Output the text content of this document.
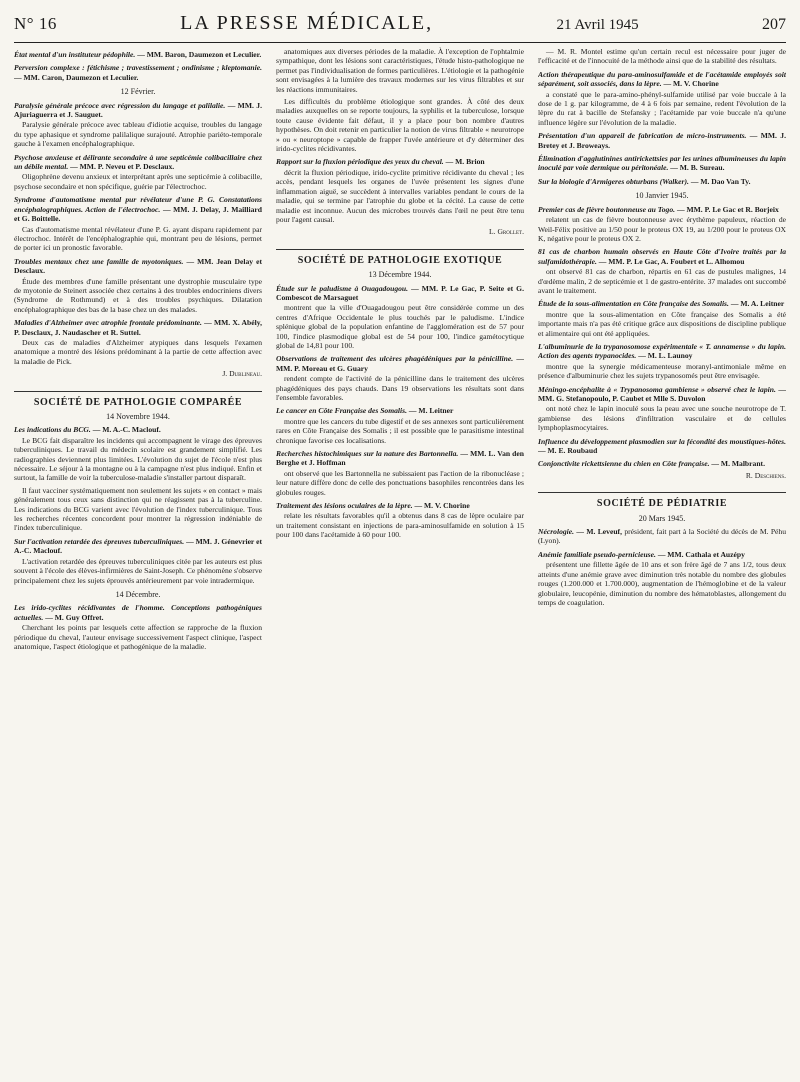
N° 16	LA PRESSE MÉDICALE,	21 Avril 1945	207

État mental d'un instituteur pédophile. — MM. Baron, Daumezon et Leculier.

Perversion complexe : fétichisme ; travestissement ; ondinisme ; kleptomanie. — MM. Caron, Daumezon et Leculier.

12 Février.

Paralysie générale précoce avec régression du langage et palilalie. — MM. J. Ajuriaguerra et J. Sauguet.

Paralysie générale précoce avec tableau d'idiotie acquise, troubles du langage du type aphasique et syndrome palilalique surajouté. Atrophie pariéto-temporale gauche à l'examen encéphalographique.

Psychose anxieuse et délirante secondaire à une septicémie colibacillaire chez un débile mental. — MM. P. Neveu et P. Desclaux.

Oligophrène devenu anxieux et interprétant après une septicémie à colibacille, psychose secondaire et non spécifique, guérie par l'électrochoc.

Syndrome d'automatisme mental pur révélateur d'une P. G. Constatations encéphalographiques. Action de l'électrochoc. — MM. J. Delay, J. Mailliard et G. Boittelle.

Cas d'automatisme mental révélateur d'une P. G. ayant disparu rapidement par électrochoc. Intérêt de l'encéphalographie qui, montrant peu de lésions, permet de porter ici un pronostic favorable.

Troubles mentaux chez une famille de myotoniques. — MM. Jean Delay et Desclaux.

Étude des membres d'une famille présentant une dystrophie musculaire type de myotonie de Steinert associée chez certains à des troubles endocriniens divers (Syndrome de Rothmund) et à des troubles psychiques. Dilatation encéphalographique des bas de la base chez un des malades.

Maladies d'Alzheimer avec atrophie frontale prédominante. — MM. X. Abély, P. Desclaux, J. Naudascher et R. Suttel.

Deux cas de maladies d'Alzheimer atypiques dans lesquels l'examen anatomique a montré des lésions prédominant à la partie de cette affection avec la maladie de Pick.

J. Dublineau.
SOCIÉTÉ DE PATHOLOGIE COMPARÉE
14 Novembre 1944.

Les indications du BCG. — M. A.-C. Maclouf.

Le BCG fait disparaître les incidents qui accompagnent le virage des épreuves tuberculiniques. Le travail du médecin scolaire est grandement simplifié. Les radiographies deviennent plus limitées. L'évolution du sujet de l'école n'est plus nécessaire. Le séjour à la montagne ou à la campagne n'est plus indiqué. Enfin et surtout, la famille de voir la tuberculose-maladie s'installer partout disparaît.

Il faut vacciner systématiquement non seulement les sujets « en contact » mais généralement tous ceux sans distinction qui ne réagissent pas à la tuberculine. Les indications du BCG varient avec l'évolution de l'index tuberculinique. Tous les recherches récentes concordent pour montrer la régression indéniable de l'index tuberculinique.

Sur l'activation retardée des épreuves tuberculiniques. — MM. J. Génevrier et A.-C. Maclouf.

L'activation retardée des épreuves tuberculiniques citée par les auteurs est plus souvent à l'école des élèves-infirmières de Saint-Joseph. Ce phénomène s'observe principalement chez les sujets éprouvés antérieurement par voie intradermique.

14 Décembre.

Les irido-cyclites récidivantes de l'homme. Conceptions pathogéniques actuelles. — M. Guy Offret.

Cherchant les points par lesquels cette affection se rapproche de la fluxion périodique du cheval, l'auteur envisage successivement l'aspect clinique, l'aspect anatomique, l'aspect étiologique et pathogénique de la maladie.

anatomiques aux diverses périodes de la maladie. À l'exception de l'ophtalmie sympathique, dont les lésions sont caractéristiques, l'étude histo-pathologique ne permet pas l'individualisation de formes particulières. L'étiologie et la pathogénie sont envisagées à la lumière des travaux modernes sur les virus filtrables et sur les réactions immunitaires.

Les difficultés du problème étiologique sont grandes. À côté des deux maladies auxquelles on se reporte toujours, la syphilis et la tuberculose, lorsque toute cause évidente fait défaut, il y a place pour bon nombre d'autres hypothèses. On doit retenir en particulier la notion de virus filtrable « neurotrope » ou « neuroptope » capable de frapper l'uvée antérieure et d'y déterminer des irido-cyclites récidivantes.

Rapport sur la fluxion périodique des yeux du cheval. — M. Brion

décrit la fluxion périodique, irido-cyclite primitive récidivante du cheval ; les accès, pendant lesquels les organes de l'uvée présentent les signes d'une inflammation aiguë, se succèdent à intervalles variables pendant le cours de la maladie, qui se termine par l'atrophie du globe et la cécité. La cause de cette maladie est inconnue. Aucun des microbes trouvés dans l'œil ne peut être tenu pour l'agent causal.

L. Grollet.
SOCIÉTÉ DE PATHOLOGIE EXOTIQUE
13 Décembre 1944.

Étude sur le paludisme à Ouagadougou. — MM. P. Le Gac, P. Seite et G. Combescot de Marsaguet

montrent que la ville d'Ouagadougou peut être considérée comme un des centres d'Afrique Occidentale le plus touchés par le paludisme. L'indice splénique global de la population enfantine de l'agglomération est de 57 pour 100, l'indice plasmodique global est de 54 pour 100, l'indice gamétocytique global de 14,81 pour 100.

Observations de traitement des ulcères phagédéniques par la pénicilline. — MM. P. Moreau et G. Guary

rendent compte de l'activité de la pénicilline dans le traitement des ulcères phagédéniques des pays chauds. Dans 19 observations les résultats sont dans l'ensemble favorables.

Le cancer en Côte Française des Somalis. — M. Leitner

montre que les cancers du tube digestif et de ses annexes sont particulièrement rares en Côte Française des Somalis ; il est possible que le parasitisme intestinal chronique favorise ces localisations.

Recherches histochimiques sur la nature des Bartonnella. — MM. L. Van den Berghe et J. Hoffman

ont observé que les Bartonnella ne subissaient pas l'action de la ribonucléase ; leur nature diffère donc de celle des ponctuations basophiles rencontrées dans les globules rouges.

Traitement des lésions oculaires de la lèpre. — M. V. Chorine

relate les résultats favorables qu'il a obtenus dans 8 cas de lèpre oculaire par un traitement consistant en injections de para-aminosulfamide en solution à 15 pour 100 dans l'acétamide à 60 pour 100.

— M. R. Montel estime qu'un certain recul est nécessaire pour juger de l'efficacité et de l'innocuité de la méthode ainsi que de la stabilité des résultats.

Action thérapeutique du para-aminosulfamide et de l'acétamide employés soit séparément, soit associés, dans la lèpre. — M. V. Chorine

a constaté que le para-amino-phényl-sulfamide utilisé par voie buccale à la dose de 1 g. par kilogramme, de 4 à 6 fois par semaine, redent l'évolution de la lèpre du rat à bacille de Stefansky ; l'acétamide par voie buccale n'a qu'une influence légère sur l'évolution de la maladie.

Présentation d'un appareil de fabrication de micro-instruments. — MM. J. Bretey et J. Broweays.

Élimination d'agglutinines antirickettsies par les urines albumineuses du lapin inoculé par voie dermique ou péritonéale. — M. B. Sureau.

Sur la biologie d'Armigeres obturbans (Walker). — M. Dao Van Ty.

10 Janvier 1945.

Premier cas de fièvre boutonneuse au Togo. — MM. P. Le Gac et R. Borjeix

relatent un cas de fièvre boutonneuse avec érythème papuleux, réaction de Weil-Félix positive au 1/50 pour le proteus OX 19, au 1/200 pour le proteus OX K, négative pour le proteus OX 2.

81 cas de charbon humain observés en Haute Côte d'Ivoire traités par la sulfamidothérapie. — MM. P. Le Gac, A. Foubert et L. Alhomou

ont observé 81 cas de charbon, répartis en 61 cas de pustules malignes, 14 d'œdème malin, 2 de septicémie et 1 de gastro-entérite. 37 malades ont succombé avant le traitement.

Étude de la sous-alimentation en Côte française des Somalis. — M. A. Leitner

montre que la sous-alimentation en Côte française des Somalis a été importante mais n'a pas été critique grâce aux dispositions de discipline publique et alimentaire qui ont été appliquées.

L'albuminurie de la trypanosomose expérimentale « T. annamense » du lapin. Action des agents trypanocides. — M. L. Launoy

montre que la synergie médicamenteuse moranyl-antimoniale même en présence d'albuminurie chez les sujets trypanosomés peut être envisagée.

Méningo-encéphalite à « Trypanosoma gambiense » observé chez le lapin. — MM. G. Stefanopoulo, P. Caubet et Mlle S. Duvolon

ont noté chez le lapin inoculé sous la peau avec une souche neurotrope de T. gambiense des lésions d'infiltration vasculaire et de cellules lymphoplasmocytaires.

Influence du développement plasmodien sur la fécondité des moustiques-hôtes. — M. E. Roubaud

Conjonctivite rickettsienne du chien en Côte française. — M. Malbrant.

R. Deschiens.
SOCIÉTÉ DE PÉDIATRIE
20 Mars 1945.

Nécrologie. — M. Leveuf, président, fait part à la Société du décès de M. Péhu (Lyon).

Anémie familiale pseudo-pernicieuse. — MM. Cathala et Auzépy

présentent une fillette âgée de 10 ans et son frère âgé de 7 ans 1/2, tous deux atteints d'une anémie grave avec diminution très notable du nombre des globules rouges (1.200.000 et 1.700.000), augmentation de l'hémoglobine et de la valeur globulaire, leucopénie, diminution du nombre des hématoblastes, allongement du temps de coagulation.
